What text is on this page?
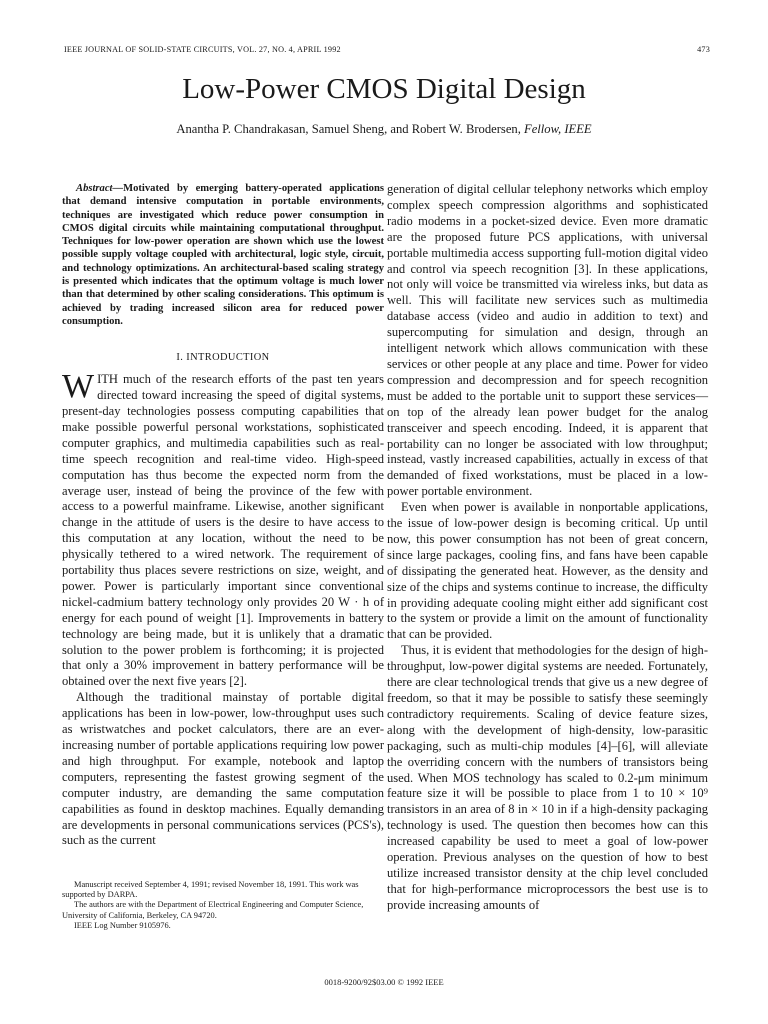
IEEE JOURNAL OF SOLID-STATE CIRCUITS, VOL. 27, NO. 4, APRIL 1992	473
Low-Power CMOS Digital Design
Anantha P. Chandrakasan, Samuel Sheng, and Robert W. Brodersen, Fellow, IEEE

Abstract—Motivated by emerging battery-operated applications that demand intensive computation in portable environments, techniques are investigated which reduce power consumption in CMOS digital circuits while maintaining computational throughput. Techniques for low-power operation are shown which use the lowest possible supply voltage coupled with architectural, logic style, circuit, and technology optimizations. An architectural-based scaling strategy is presented which indicates that the optimum voltage is much lower than that determined by other scaling considerations. This optimum is achieved by trading increased silicon area for reduced power consumption.

I. INTRODUCTION

WITH much of the research efforts of the past ten years directed toward increasing the speed of digital systems, present-day technologies possess computing capabilities that make possible powerful personal workstations, sophisticated computer graphics, and multimedia capabilities such as real-time speech recognition and real-time video. High-speed computation has thus become the expected norm from the average user, instead of being the province of the few with access to a powerful mainframe. Likewise, another significant change in the attitude of users is the desire to have access to this computation at any location, without the need to be physically tethered to a wired network. The requirement of portability thus places severe restrictions on size, weight, and power. Power is particularly important since conventional nickel-cadmium battery technology only provides 20 W · h of energy for each pound of weight [1]. Improvements in battery technology are being made, but it is unlikely that a dramatic solution to the power problem is forthcoming; it is projected that only a 30% improvement in battery performance will be obtained over the next five years [2].

Although the traditional mainstay of portable digital applications has been in low-power, low-throughput uses such as wristwatches and pocket calculators, there are an ever-increasing number of portable applications requiring low power and high throughput. For example, notebook and laptop computers, representing the fastest growing segment of the computer industry, are demanding the same computation capabilities as found in desktop machines. Equally demanding are developments in personal communications services (PCS's), such as the current

Manuscript received September 4, 1991; revised November 18, 1991. This work was supported by DARPA.
The authors are with the Department of Electrical Engineering and Computer Science, University of California, Berkeley, CA 94720.
IEEE Log Number 9105976.

generation of digital cellular telephony networks which employ complex speech compression algorithms and sophisticated radio modems in a pocket-sized device. Even more dramatic are the proposed future PCS applications, with universal portable multimedia access supporting full-motion digital video and control via speech recognition [3]. In these applications, not only will voice be transmitted via wireless inks, but data as well. This will facilitate new services such as multimedia database access (video and audio in addition to text) and supercomputing for simulation and design, through an intelligent network which allows communication with these services or other people at any place and time. Power for video compression and decompression and for speech recognition must be added to the portable unit to support these services—on top of the already lean power budget for the analog transceiver and speech encoding. Indeed, it is apparent that portability can no longer be associated with low throughput; instead, vastly increased capabilities, actually in excess of that demanded of fixed workstations, must be placed in a low-power portable environment.

Even when power is available in nonportable applications, the issue of low-power design is becoming critical. Up until now, this power consumption has not been of great concern, since large packages, cooling fins, and fans have been capable of dissipating the generated heat. However, as the density and size of the chips and systems continue to increase, the difficulty in providing adequate cooling might either add significant cost to the system or provide a limit on the amount of functionality that can be provided.

Thus, it is evident that methodologies for the design of high-throughput, low-power digital systems are needed. Fortunately, there are clear technological trends that give us a new degree of freedom, so that it may be possible to satisfy these seemingly contradictory requirements. Scaling of device feature sizes, along with the development of high-density, low-parasitic packaging, such as multi-chip modules [4]–[6], will alleviate the overriding concern with the numbers of transistors being used. When MOS technology has scaled to 0.2-μm minimum feature size it will be possible to place from 1 to 10 × 10⁹ transistors in an area of 8 in × 10 in if a high-density packaging technology is used. The question then becomes how can this increased capability be used to meet a goal of low-power operation. Previous analyses on the question of how to best utilize increased transistor density at the chip level concluded that for high-performance microprocessors the best use is to provide increasing amounts of

0018-9200/92$03.00 © 1992 IEEE
